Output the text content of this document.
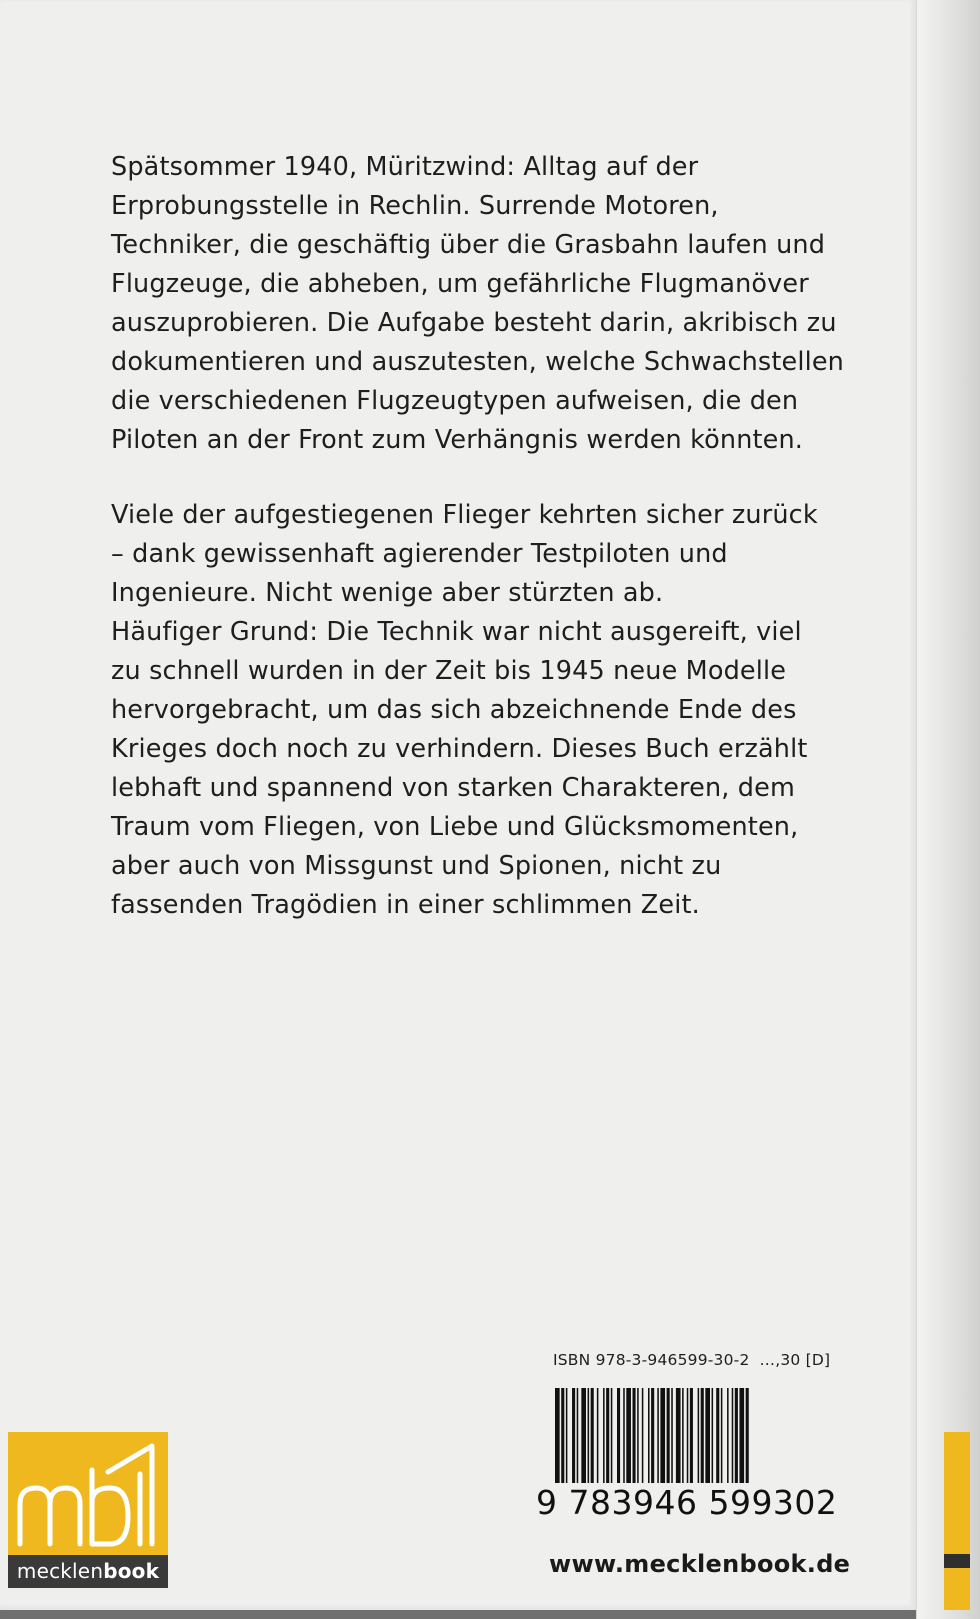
Spätsommer 1940, Müritzwind: Alltag auf der
Erprobungsstelle in Rechlin. Surrende Motoren,
Techniker, die geschäftig über die Grasbahn laufen und
Flugzeuge, die abheben, um gefährliche Flugmanöver
auszuprobieren. Die Aufgabe besteht darin, akribisch zu
dokumentieren und auszutesten, welche Schwachstellen
die verschiedenen Flugzeugtypen aufweisen, die den
Piloten an der Front zum Verhängnis werden könnten.

Viele der aufgestiegenen Flieger kehrten sicher zurück
– dank gewissenhaft agierender Testpiloten und
Ingenieure. Nicht wenige aber stürzten ab.
Häufiger Grund: Die Technik war nicht ausgereift, viel
zu schnell wurden in der Zeit bis 1945 neue Modelle
hervorgebracht, um das sich abzeichnende Ende des
Krieges doch noch zu verhindern. Dieses Buch erzählt
lebhaft und spannend von starken Charakteren, dem
Traum vom Fliegen, von Liebe und Glücksmomenten,
aber auch von Missgunst und Spionen, nicht zu
fassenden Tragödien in einer schlimmen Zeit.

mecklenbook
ISBN 978-3-946599-30-2 …,30 [D]
9 783946 599302
www.mecklenbook.de
